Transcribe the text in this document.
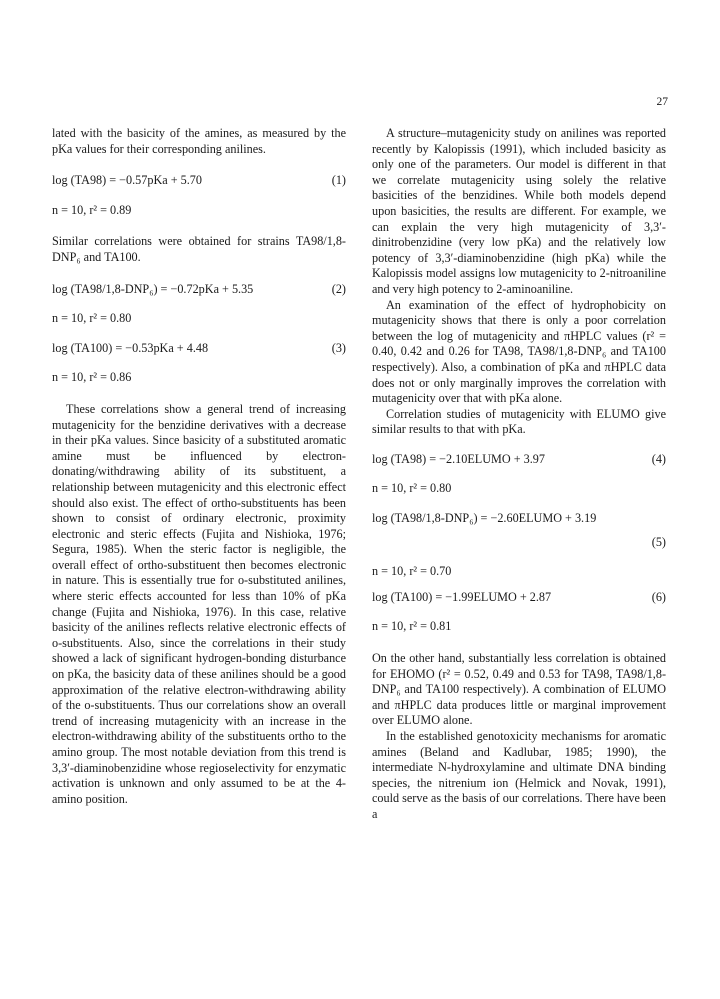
27

lated with the basicity of the amines, as measured by the pKa values for their corresponding anilines.

log (TA98) = −0.57pKa + 5.70	(1)

n = 10, r² = 0.89

Similar correlations were obtained for strains TA98/1,8-DNP₆ and TA100.

log (TA98/1,8-DNP₆) = −0.72pKa + 5.35	(2)

n = 10, r² = 0.80

log (TA100) = −0.53pKa + 4.48	(3)

n = 10, r² = 0.86

These correlations show a general trend of increasing mutagenicity for the benzidine derivatives with a decrease in their pKa values. Since basicity of a substituted aromatic amine must be influenced by electron-donating/withdrawing ability of its substituent, a relationship between mutagenicity and this electronic effect should also exist. The effect of ortho-substituents has been shown to consist of ordinary electronic, proximity electronic and steric effects (Fujita and Nishioka, 1976; Segura, 1985). When the steric factor is negligible, the overall effect of ortho-substituent then becomes electronic in nature. This is essentially true for o-substituted anilines, where steric effects accounted for less than 10% of pKa change (Fujita and Nishioka, 1976). In this case, relative basicity of the anilines reflects relative electronic effects of o-substituents. Also, since the correlations in their study showed a lack of significant hydrogen-bonding disturbance on pKa, the basicity data of these anilines should be a good approximation of the relative electron-withdrawing ability of the o-substituents. Thus our correlations show an overall trend of increasing mutagenicity with an increase in the electron-withdrawing ability of the substituents ortho to the amino group. The most notable deviation from this trend is 3,3′-diaminobenzidine whose regioselectivity for enzymatic activation is unknown and only assumed to be at the 4-amino position.

A structure–mutagenicity study on anilines was reported recently by Kalopissis (1991), which included basicity as only one of the parameters. Our model is different in that we correlate mutagenicity using solely the relative basicities of the benzidines. While both models depend upon basicities, the results are different. For example, we can explain the very high mutagenicity of 3,3′-dinitrobenzidine (very low pKa) and the relatively low potency of 3,3′-diaminobenzidine (high pKa) while the Kalopissis model assigns low mutagenicity to 2-nitroaniline and very high potency to 2-aminoaniline.

An examination of the effect of hydrophobicity on mutagenicity shows that there is only a poor correlation between the log of mutagenicity and πHPLC values (r² = 0.40, 0.42 and 0.26 for TA98, TA98/1,8-DNP₆ and TA100 respectively). Also, a combination of pKa and πHPLC data does not or only marginally improves the correlation with mutagenicity over that with pKa alone.

Correlation studies of mutagenicity with ELUMO give similar results to that with pKa.

log (TA98) = −2.10ELUMO + 3.97	(4)

n = 10, r² = 0.80

log (TA98/1,8-DNP₆) = −2.60ELUMO + 3.19

(5)

n = 10, r² = 0.70

log (TA100) = −1.99ELUMO + 2.87	(6)

n = 10, r² = 0.81

On the other hand, substantially less correlation is obtained for EHOMO (r² = 0.52, 0.49 and 0.53 for TA98, TA98/1,8-DNP₆ and TA100 respectively). A combination of ELUMO and πHPLC data produces little or marginal improvement over ELUMO alone.

In the established genotoxicity mechanisms for aromatic amines (Beland and Kadlubar, 1985; 1990), the intermediate N-hydroxylamine and ultimate DNA binding species, the nitrenium ion (Helmick and Novak, 1991), could serve as the basis of our correlations. There have been a
